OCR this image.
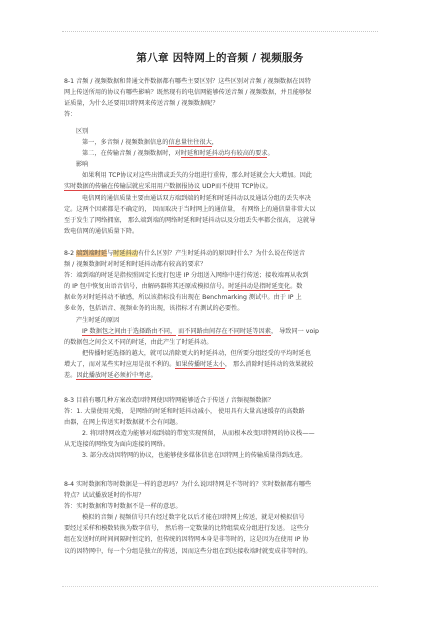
第八章 因特网上的音频 / 视频服务

8-1 音频 / 视频数据和普通文件数据都有哪些主要区别？这些区别对音频 / 视频数据在因特

网上传送所用的协议有哪些影响？既然现有的电信网能够传送音频 / 视频数据，并且能够保

证质量，为什么还要用因特网来传送音频 / 视频数据呢？

答：

区别

第一，多音频 / 视频数据信息的信息量往往很大，

第二，在传输音频 / 视频数据时，对时延和时延抖动均有较高的要求。

影响

如果利用 TCP协议对这些出错或丢失的分组进行重传，那么时延就会大大增加。因此

实时数据的传输在传输层就应采用用户数据报协议 UDP而不使用 TCP协议。

电信网的通信质量主要由通话双方端到端的时延和时延抖动以及通话分组的丢失率决

定。这两个因素都是不确定的， 因而取决于当时网上的通信量， 有网络上的通信量非常大以

至于发生了网络拥塞， 那么端到端的网络时延和时延抖动以及分组丢失率都会很高， 这就导

致电信网的通信质量下降。

8-2 端到端时延与时延抖动有什么区别？产生时延抖动的原因时什么？为什么说在传送音

频 / 视频数据时对时延和时延抖动都有较高的要求？

答：端到端的时延是指按照固定长度打包进 IP 分组送入网络中进行传送；接收端再从收到

的 IP 包中恢复出语音信号，由解码器将其还原成模拟信号。时延抖动是指时延变化。数

据业务对时延抖动不敏感，所以该指标没有出现在 Benchmarking 测试中。由于 IP 上

多业务，包括语音、视频业务的出现，该指标才有测试的必要性。

产生时延的原因

IP 数据包之间由于选择路由不同， 而不同路由间存在不同时延等因素， 导致同一 voip

的数据包之间会又不同的时延，由此产生了时延抖动。

把传播时延选择的越大，就可以消除更大的时延抖动，但所要分组经受的平均时延也

增大了，而对某些实时应用是很不利的。如果传播时延太小， 那么消除时延抖动的效果就较

差。因此播放时延必须折中考虑。

8-3 目前有哪几种方案改造因特网使因特网能够适合于传送 / 音频视频数据？

答：1. 大量使用光缆， 是网络的时延和时延抖动减小， 使用具有大量高速缓存的高数路

由器，在网上传送实时数据就不会有问题。

2. 将因特网改造为能够对端到端的带宽实现预留， 从而根本改变因特网的协议栈——

从无连接的网络变为面向连接的网络。

3. 部分改动因特网的协议，也能够使多媒体信息在因特网上的传输质量得到改进。

8-4 实时数据和等时数据是一样的意思吗？为什么说因特网是不等时的？实时数据都有哪些

特点？试试播放延时的作用？

答：实时数据和等时数据不是一样的意思。

模拟的音频 / 视频信号只有经过数字化以后才能在因特网上传送，就是对模拟信号

要经过采样和模数转换为数字信号， 然后将一定数量的比特组装成分组进行发送。 这些分

组在发送时的时间间隔时恒定的，但传统的因特网本身是非等时的，这是因为在使用 IP 协

议的因特网中，每一个分组是独立的传送，因而这些分组在到达接收端时就变成非等时的。
